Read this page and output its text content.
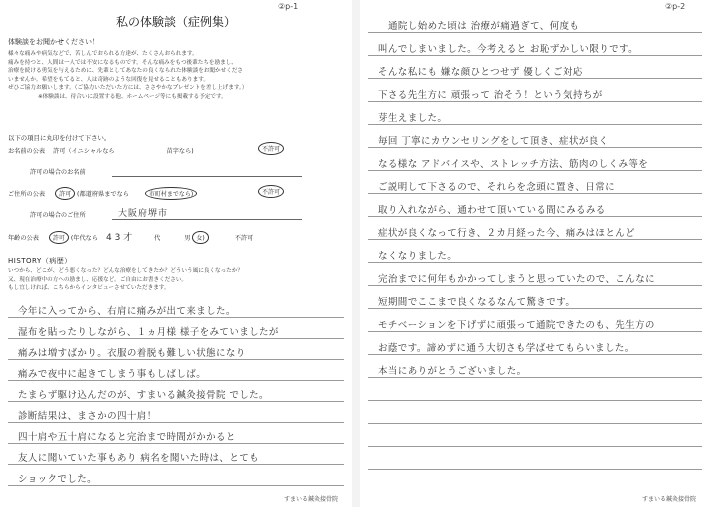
②p-1
私の体験談（症例集）
体験談をお聞かせください！

様々な痛みや病気などで、苦しんでおられる方達が、たくさんおられます。

痛みを持つと、人間は一人では不安になるものです。そんな痛みをもつ後輩たちを励まし、

治療を続ける勇気を与えるために、先輩としてあなたの良くなられた体験談をお聞かせくださ

いませんか。希望をもてると、人は奇跡のような回復を見せることもあります。

ぜひご協力お願いします。（ご協力いただいた方には、ささやかなプレゼントを差し上げます。）

※体験談は、待合いに設置する他、ホームページ等にも掲載する予定です。

以下の項目に丸印を付けて下さい。
お名前の公表 許可（イニシャルなら	苗字なら)	不許可
許可の場合のお名前
ご住所の公表 許可 (都道府県までなら	市町村までなら)	不許可
許可の場合のご住所	大阪府堺市
年齢の公表 許可 (年代なら 4 3 才	代	男 女)	不許可
HISTORY（病歴）

いつから、どこが、どう悪くなった？どんな治療をしてきたか？どういう風に良くなったか？

又、現在治療中の方への励まし、応援など。ご自由にお書きください。

もし宜しければ、こちらからインタビューさせていただきます。

今年に入ってから、右肩に痛みが出て来ました。
湿布を貼ったりしながら、１ヵ月様 様子をみていましたが
痛みは増すばかり。衣服の着脱も難しい状態になり
痛みで夜中に起きてしまう事もしばしば。
たまらず駆け込んだのが、すまいる鍼灸接骨院 でした。
診断結果は、まさかの四十肩！
四十肩や五十肩になると完治まで時間がかかると
友人に聞いていた事もあり 病名を聞いた時は、とても
ショックでした。
すまいる鍼灸接骨院
②p-2
通院し始めた頃は 治療が痛過ぎて、何度も
叫んでしまいました。今考えると お恥ずかしい限りです。
そんな私にも 嫌な顔ひとつせず 優しくご対応
下さる先生方に 頑張って 治そう！という気持ちが
芽生えました。
毎回 丁寧にカウンセリングをして頂き、症状が良く
なる様な アドバイスや、ストレッチ方法、筋肉のしくみ等を
ご説明して下さるので、それらを念頭に置き、日常に
取り入れながら、通わせて頂いている間にみるみる
症状が良くなって行き、２カ月経った今、痛みはほとんど
なくなりました。
完治までに何年もかかってしまうと思っていたので、こんなに
短期間でここまで良くなるなんて驚きです。
モチベーションを下げずに頑張って通院できたのも、先生方の
お蔭です。諦めずに通う大切さも学ばせてもらいました。
本当にありがとうございました。
すまいる鍼灸接骨院
